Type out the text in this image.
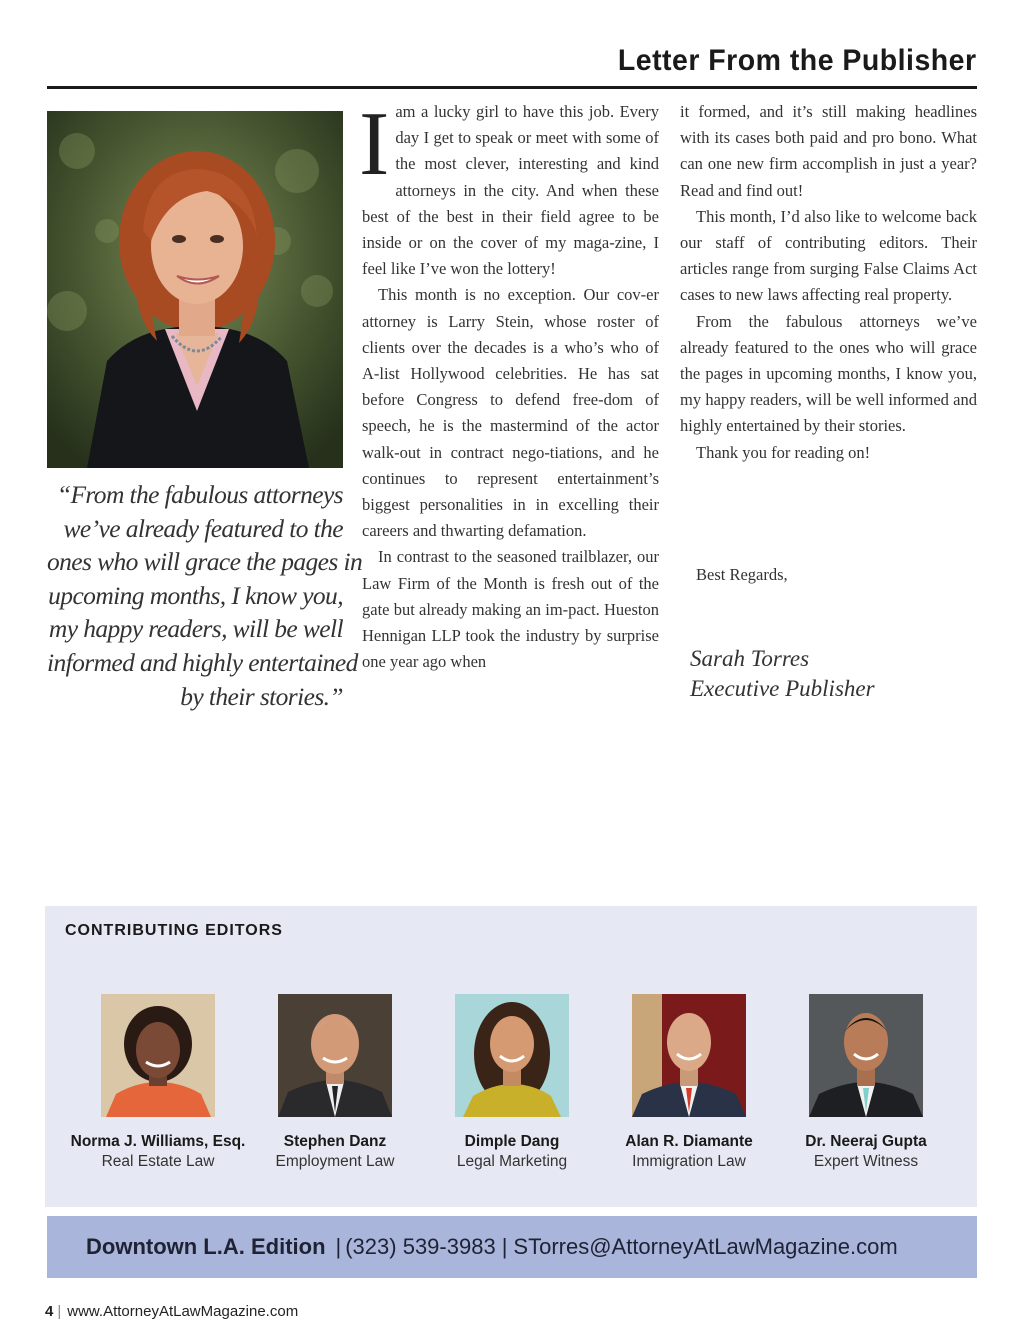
Letter From the Publisher
“From the fabulous attorneys
we’ve already featured to the
ones who will grace the pages in
upcoming months, I know you,
my happy readers, will be well
informed and highly entertained
by their stories.”

Iam a lucky girl to have this job. Every day I get to speak or meet with some of the most clever, interesting and kind attorneys in the city. And when these best of the best in their field agree to be inside or on the cover of my maga-zine, I feel like I’ve won the lottery!

This month is no exception. Our cov-er attorney is Larry Stein, whose roster of clients over the decades is a who’s who of A-list Hollywood celebrities. He has sat before Congress to defend free-dom of speech, he is the mastermind of the actor walk-out in contract nego-tiations, and he continues to represent entertainment’s biggest personalities in in excelling their careers and thwarting defamation.

In contrast to the seasoned trailblazer, our Law Firm of the Month is fresh out of the gate but already making an im-pact. Hueston Hennigan LLP took the industry by surprise one year ago when

it formed, and it’s still making headlines with its cases both paid and pro bono. What can one new firm accomplish in just a year? Read and find out!

This month, I’d also like to welcome back our staff of contributing editors. Their articles range from surging False Claims Act cases to new laws affecting real property.

From the fabulous attorneys we’ve already featured to the ones who will grace the pages in upcoming months, I know you, my happy readers, will be well informed and highly entertained by their stories.

Thank you for reading on!

Best Regards,
Sarah Torres
Executive Publisher
CONTRIBUTING EDITORS
Norma J. Williams, Esq.
Real Estate Law
Stephen Danz
Employment Law
Dimple Dang
Legal Marketing
Alan R. Diamante
Immigration Law
Dr. Neeraj Gupta
Expert Witness
Downtown L.A. Edition | (323) 539-3983 | STorres@AttorneyAtLawMagazine.com
4 | www.AttorneyAtLawMagazine.com
